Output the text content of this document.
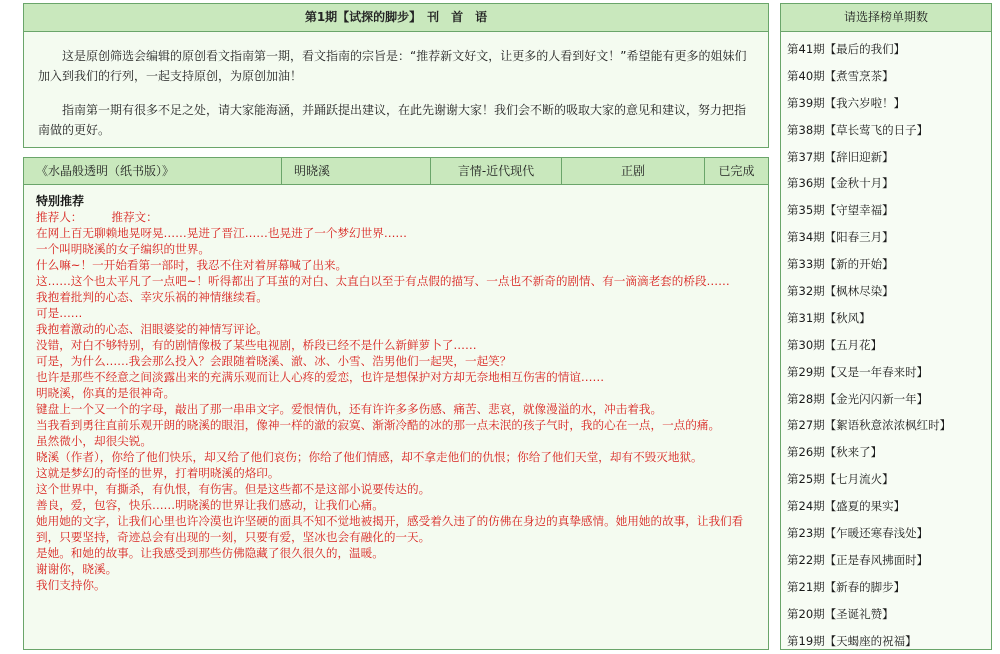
第1期【试探的脚步】　刊　首　语

这是原创筛选会编辑的原创看文指南第一期，看文指南的宗旨是：“推荐新文好文，让更多的人看到好文！”希望能有更多的姐妹们加入到我们的行列，一起支持原创，为原创加油！

指南第一期有很多不足之处，请大家能海涵，并踊跃提出建议，在此先谢谢大家！我们会不断的吸取大家的意见和建议，努力把指南做的更好。

《水晶般透明（纸书版）》	明晓溪	言情-近代现代	正剧	已完成
特别推荐
推荐人：　　　推荐文：
在网上百无聊赖地晃呀晃……晃进了晋江……也晃进了一个梦幻世界……
一个叫明晓溪的女子编织的世界。
什么嘛~！一开始看第一部时，我忍不住对着屏幕喊了出来。
这……这个也太平凡了一点吧~！听得都出了耳茧的对白、太直白以至于有点假的描写、一点也不新奇的剧情、有一滴滴老套的桥段……
我抱着批判的心态、幸灾乐祸的神情继续看。
可是……
我抱着激动的心态、泪眼婆娑的神情写评论。
没错，对白不够特别，有的剧情像极了某些电视剧，桥段已经不是什么新鲜萝卜了……
可是，为什么……我会那么投入？会跟随着晓溪、澈、冰、小雪、浩男他们一起哭，一起笑？
也许是那些不经意之间淡露出来的充满乐观而让人心疼的爱恋，也许是想保护对方却无奈地相互伤害的情谊……
明晓溪，你真的是很神奇。
键盘上一个又一个的字母，敲出了那一串串文字。爱恨情仇，还有许许多多伤感、痛苦、悲哀，就像漫溢的水，冲击着我。
当我看到勇往直前乐观开朗的晓溪的眼泪，像神一样的澈的寂寞、渐渐冷酷的冰的那一点未泯的孩子气时，我的心在一点，一点的痛。
虽然微小，却很尖锐。
晓溪（作者），你给了他们快乐，却又给了他们哀伤；你给了他们情感，却不拿走他们的仇恨；你给了他们天堂，却有不毁灭地狱。
这就是梦幻的奇怪的世界，打着明晓溪的烙印。
这个世界中，有撕杀，有仇恨，有伤害。但是这些都不是这部小说要传达的。
善良，爱，包容，快乐……明晓溪的世界让我们感动，让我们心痛。
她用她的文字，让我们心里也许冷漠也许坚硬的面具不知不觉地被揭开，感受着久违了的仿佛在身边的真挚感情。她用她的故事，让我们看到，只要坚持，奇迹总会有出现的一刻，只要有爱，坚冰也会有融化的一天。
是她。和她的故事。让我感受到那些仿佛隐藏了很久很久的，温暖。
谢谢你，晓溪。
我们支持你。
请选择榜单期数
第41期【最后的我们】
第40期【煮雪烹茶】
第39期【我六岁啦！】
第38期【草长莺飞的日子】
第37期【辞旧迎新】
第36期【金秋十月】
第35期【守望幸福】
第34期【阳春三月】
第33期【新的开始】
第32期【枫林尽染】
第31期【秋风】
第30期【五月花】
第29期【又是一年春来时】
第28期【金光闪闪新一年】
第27期【絮语秋意浓浓枫红时】
第26期【秋来了】
第25期【七月流火】
第24期【盛夏的果实】
第23期【乍暖还寒春浅处】
第22期【正是春风拂面时】
第21期【新春的脚步】
第20期【圣诞礼赞】
第19期【天蝎座的祝福】
